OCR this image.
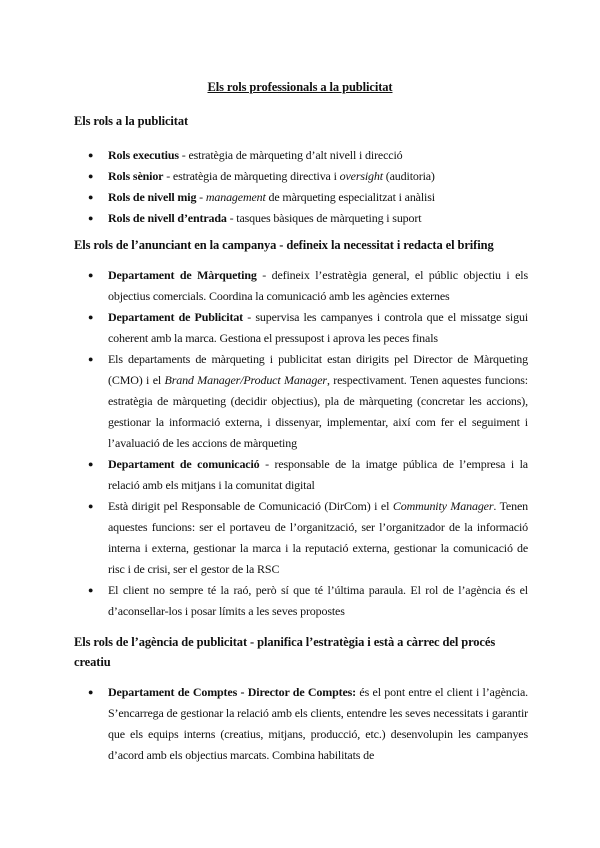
Els rols professionals a la publicitat
Els rols a la publicitat
● Rols executius - estratègia de màrqueting d’alt nivell i direcció
● Rols sènior - estratègia de màrqueting directiva i oversight (auditoria)
● Rols de nivell mig - management de màrqueting especialitzat i anàlisi
● Rols de nivell d’entrada - tasques bàsiques de màrqueting i suport
Els rols de l’anunciant en la campanya - defineix la necessitat i redacta el brifing
● Departament de Màrqueting - defineix l’estratègia general, el públic objectiu i els objectius comercials. Coordina la comunicació amb les agències externes
● Departament de Publicitat - supervisa les campanyes i controla que el missatge sigui coherent amb la marca. Gestiona el pressupost i aprova les peces finals
● Els departaments de màrqueting i publicitat estan dirigits pel Director de Màrqueting (CMO) i el Brand Manager/Product Manager, respectivament. Tenen aquestes funcions: estratègia de màrqueting (decidir objectius), pla de màrqueting (concretar les accions), gestionar la informació externa, i dissenyar, implementar, així com fer el seguiment i l’avaluació de les accions de màrqueting
● Departament de comunicació - responsable de la imatge pública de l’empresa i la relació amb els mitjans i la comunitat digital
● Està dirigit pel Responsable de Comunicació (DirCom) i el Community Manager. Tenen aquestes funcions: ser el portaveu de l’organització, ser l’organitzador de la informació interna i externa, gestionar la marca i la reputació externa, gestionar la comunicació de risc i de crisi, ser el gestor de la RSC
● El client no sempre té la raó, però sí que té l’última paraula. El rol de l’agència és el d’aconsellar-los i posar límits a les seves propostes
Els rols de l’agència de publicitat - planifica l’estratègia i està a càrrec del procés creatiu
● Departament de Comptes - Director de Comptes: és el pont entre el client i l’agència. S’encarrega de gestionar la relació amb els clients, entendre les seves necessitats i garantir que els equips interns (creatius, mitjans, producció, etc.) desenvolupin les campanyes d’acord amb els objectius marcats. Combina habilitats de
